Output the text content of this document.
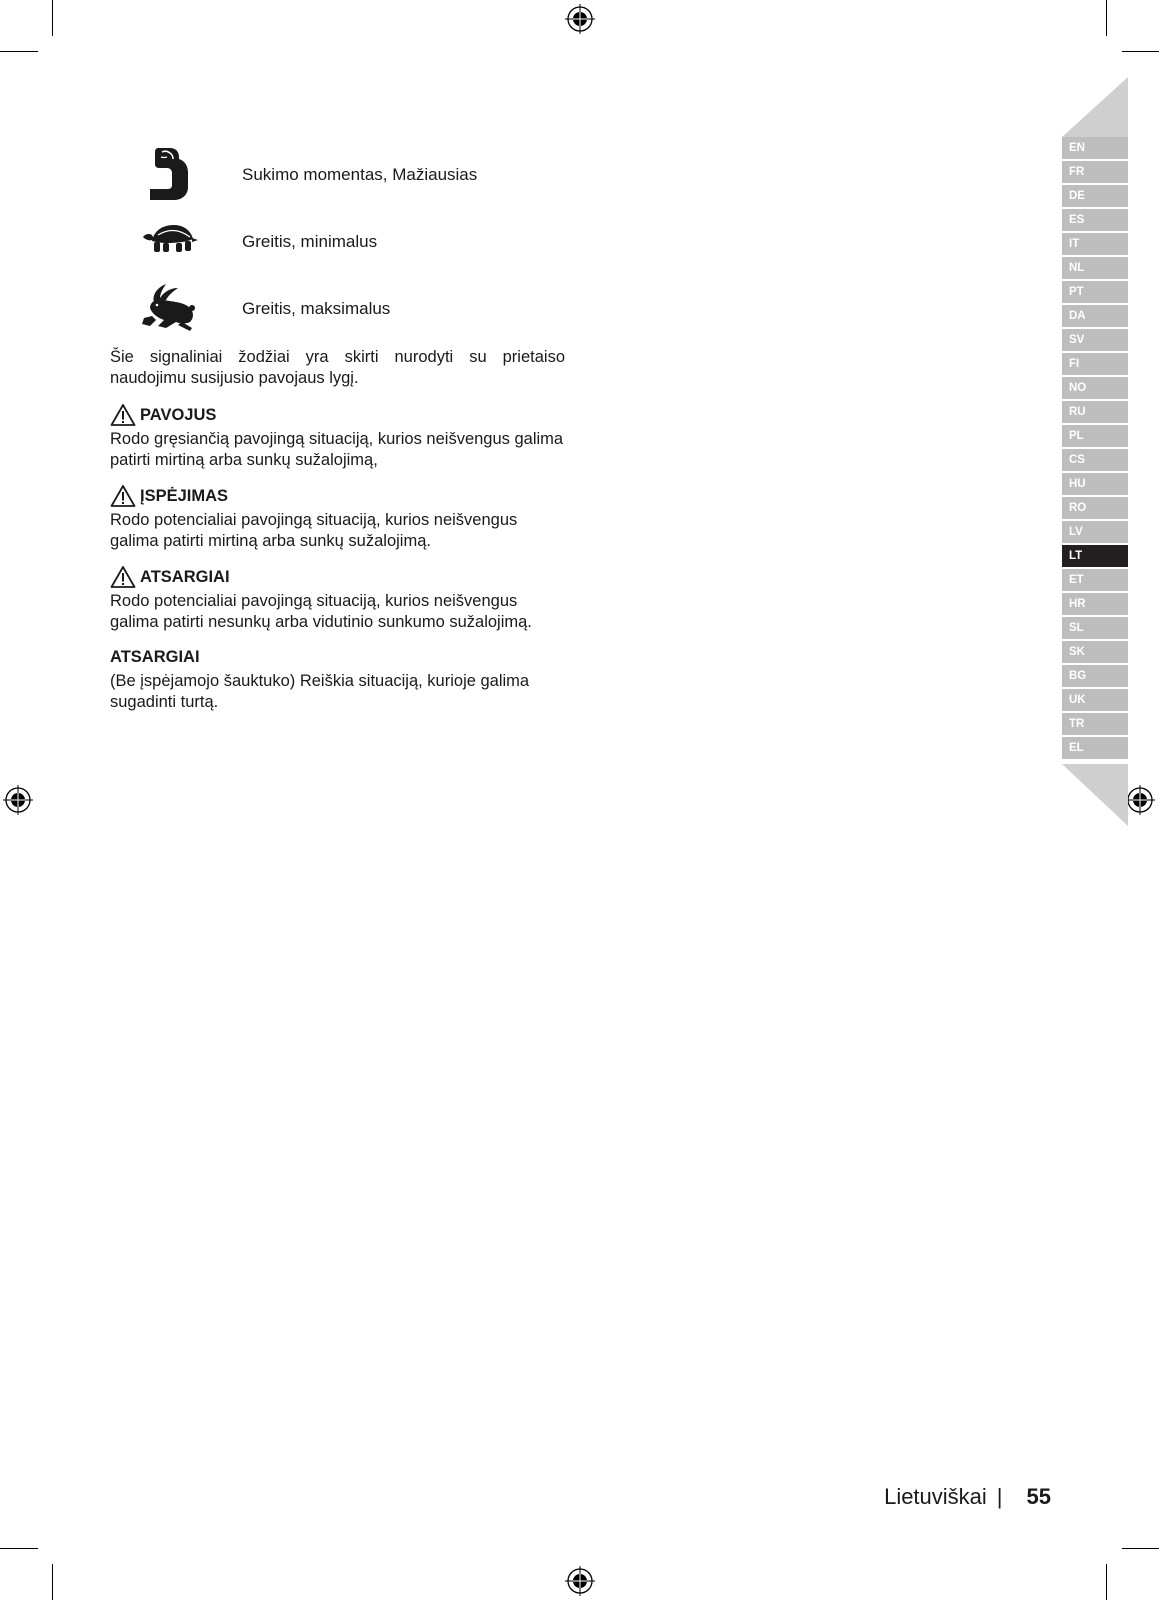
Sukimo momentas, Mažiausias
Greitis, minimalus
Greitis, maksimalus
Šie signaliniai žodžiai yra skirti nurodyti su prietaiso naudojimu susijusio pavojaus lygį.
PAVOJUS
Rodo gręsiančią pavojingą situaciją, kurios neišvengus galima patirti mirtiną arba sunkų sužalojimą,
ĮSPĖJIMAS
Rodo potencialiai pavojingą situaciją, kurios neišvengus galima patirti mirtiną arba sunkų sužalojimą.
ATSARGIAI
Rodo potencialiai pavojingą situaciją, kurios neišvengus galima patirti nesunkų arba vidutinio sunkumo sužalojimą.
ATSARGIAI
(Be įspėjamojo šauktuko) Reiškia situaciją, kurioje galima sugadinti turtą.
EN
FR
DE
ES
IT
NL
PT
DA
SV
FI
NO
RU
PL
CS
HU
RO
LV
LT
ET
HR
SL
SK
BG
UK
TR
EL
Lietuviškai | 55
